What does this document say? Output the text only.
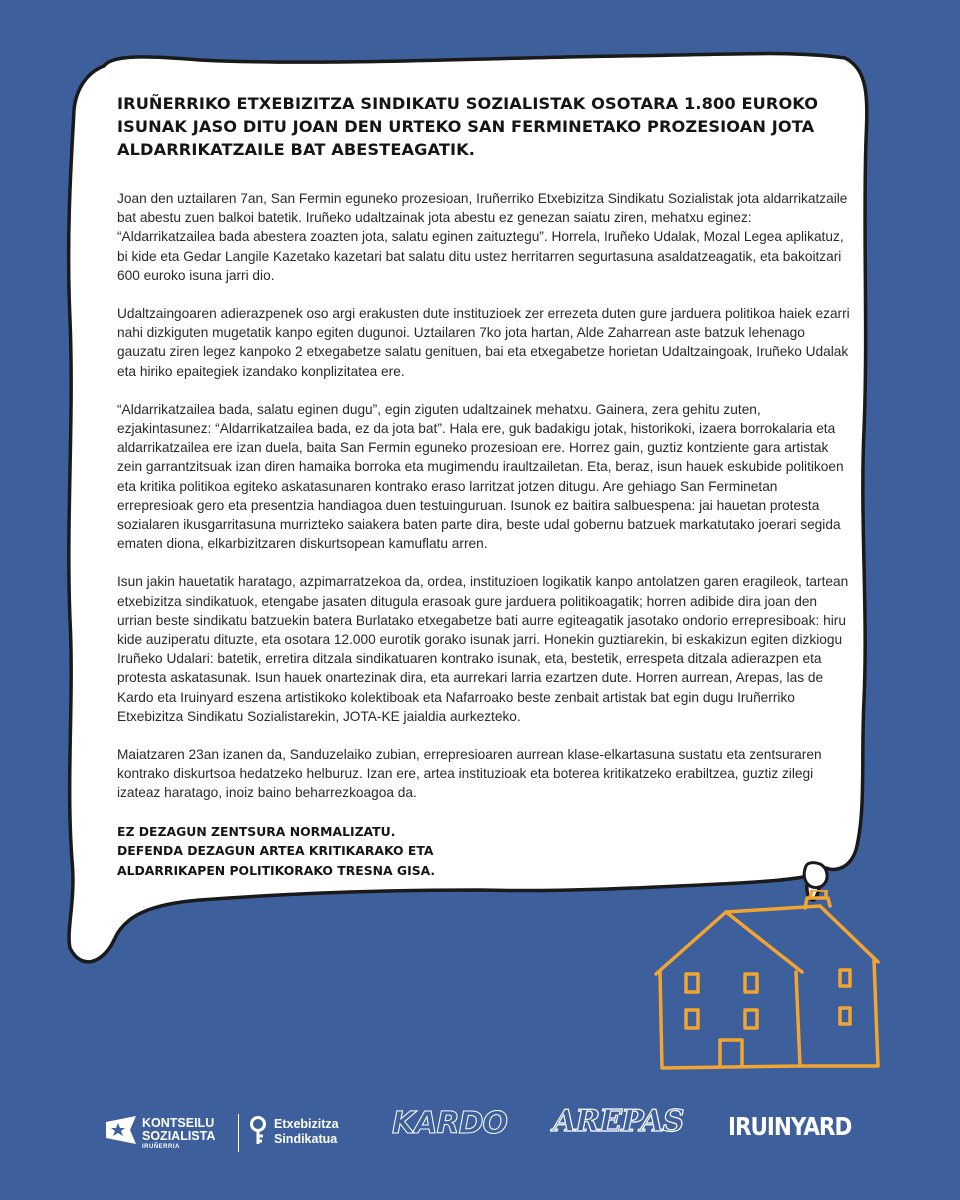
IRUÑERRIKO ETXEBIZITZA SINDIKATU SOZIALISTAK OSOTARA 1.800 EUROKO ISUNAK JASO DITU JOAN DEN URTEKO SAN FERMINETAKO PROZESIOAN JOTA ALDARRIKATZAILE BAT ABESTEAGATIK.

Joan den uztailaren 7an, San Fermin eguneko prozesioan, Iruñerriko Etxebizitza Sindikatu Sozialistak jota aldarrikatzaile bat abestu zuen balkoi batetik. Iruñeko udaltzainak jota abestu ez genezan saiatu ziren, mehatxu eginez: “Aldarrikatzailea bada abestera zoazten jota, salatu eginen zaituztegu”. Horrela, Iruñeko Udalak, Mozal Legea aplikatuz, bi kide eta Gedar Langile Kazetako kazetari bat salatu ditu ustez herritarren segurtasuna asaldatzeagatik, eta bakoitzari 600 euroko isuna jarri dio.

Udaltzaingoaren adierazpenek oso argi erakusten dute instituzioek zer errezeta duten gure jarduera politikoa haiek ezarri nahi dizkiguten mugetatik kanpo egiten dugunoi. Uztailaren 7ko jota hartan, Alde Zaharrean aste batzuk lehenago gauzatu ziren legez kanpoko 2 etxegabetze salatu genituen, bai eta etxegabetze horietan Udaltzaingoak, Iruñeko Udalak eta hiriko epaitegiek izandako konplizitatea ere.

“Aldarrikatzailea bada, salatu eginen dugu”, egin ziguten udaltzainek mehatxu. Gainera, zera gehitu zuten, ezjakintasunez: “Aldarrikatzailea bada, ez da jota bat”. Hala ere, guk badakigu jotak, historikoki, izaera borrokalaria eta aldarrikatzailea ere izan duela, baita San Fermin eguneko prozesioan ere. Horrez gain, guztiz kontziente gara artistak zein garrantzitsuak izan diren hamaika borroka eta mugimendu iraultzailetan. Eta, beraz, isun hauek eskubide politikoen eta kritika politikoa egiteko askatasunaren kontrako eraso larritzat jotzen ditugu. Are gehiago San Ferminetan errepresioak gero eta presentzia handiagoa duen testuinguruan. Isunok ez baitira salbuespena: jai hauetan protesta sozialaren ikusgarritasuna murrizteko saiakera baten parte dira, beste udal gobernu batzuek markatutako joerari segida ematen diona, elkarbizitzaren diskurtsopean kamuflatu arren.

Isun jakin hauetatik haratago, azpimarratzekoa da, ordea, instituzioen logikatik kanpo antolatzen garen eragileok, tartean etxebizitza sindikatuok, etengabe jasaten ditugula erasoak gure jarduera politikoagatik; horren adibide dira joan den urrian beste sindikatu batzuekin batera Burlatako etxegabetze bati aurre egiteagatik jasotako ondorio errepresiboak: hiru kide auziperatu dituzte, eta osotara 12.000 eurotik gorako isunak jarri. Honekin guztiarekin, bi eskakizun egiten dizkiogu Iruñeko Udalari: batetik, erretira ditzala sindikatuaren kontrako isunak, eta, bestetik, errespeta ditzala adierazpen eta protesta askatasunak. Isun hauek onartezinak dira, eta aurrekari larria ezartzen dute. Horren aurrean, Arepas, las de Kardo eta Iruinyard eszena artistikoko kolektiboak eta Nafarroako beste zenbait artistak bat egin dugu Iruñerriko Etxebizitza Sindikatu Sozialistarekin, JOTA-KE jaialdia aurkezteko.

Maiatzaren 23an izanen da, Sanduzelaiko zubian, errepresioaren aurrean klase-elkartasuna sustatu eta zentsuraren kontrako diskurtsoa hedatzeko helburuz. Izan ere, artea instituzioak eta boterea kritikatzeko erabiltzea, guztiz zilegi izateaz haratago, inoiz baino beharrezkoagoa da.

EZ DEZAGUN ZENTSURA NORMALIZATU.
DEFENDA DEZAGUN ARTEA KRITIKARAKO ETA
ALDARRIKAPEN POLITIKORAKO TRESNA GISA.
KONTSEILU
SOZIALISTA
IRUÑERRIA
Etxebizitza
Sindikatua KARDO AREPAS IRUINYARD
